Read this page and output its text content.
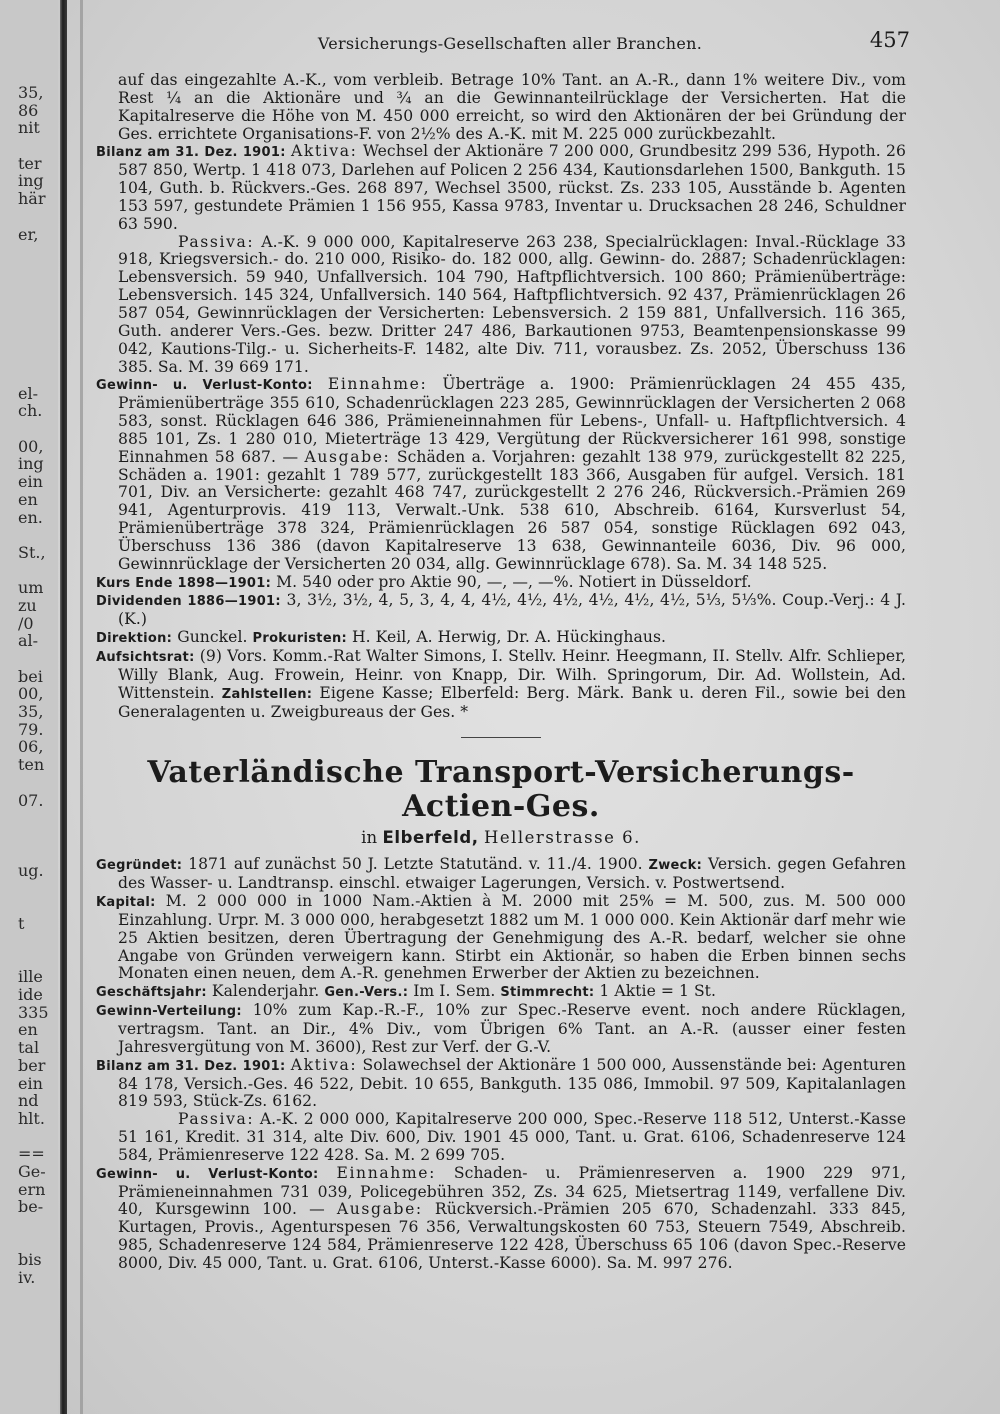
35,
86
nit
ter
ing
här
er,
el-
ch.
00,
ing
ein
en
en.
St.,
um
zu
/0
al-
bei
00,
35,
79.
06,
ten
07.
ug.
t
ille
ide
335
en
tal
ber
ein
nd
hlt.
==
Ge-
ern
be-
bis
iv.
Versicherungs-Gesellschaften aller Branchen.	457

auf das eingezahlte A.-K., vom verbleib. Betrage 10% Tant. an A.-R., dann 1% weitere Div., vom Rest ¼ an die Aktionäre und ¾ an die Gewinnanteilrücklage der Versicherten. Hat die Kapitalreserve die Höhe von M. 450 000 erreicht, so wird den Aktionären der bei Gründung der Ges. errichtete Organisations-F. von 2½% des A.-K. mit M. 225 000 zurückbezahlt.

Bilanz am 31. Dez. 1901: Aktiva: Wechsel der Aktionäre 7 200 000, Grundbesitz 299 536, Hypoth. 26 587 850, Wertp. 1 418 073, Darlehen auf Policen 2 256 434, Kautionsdarlehen 1500, Bankguth. 15 104, Guth. b. Rückvers.-Ges. 268 897, Wechsel 3500, rückst. Zs. 233 105, Ausstände b. Agenten 153 597, gestundete Prämien 1 156 955, Kassa 9783, Inventar u. Drucksachen 28 246, Schuldner 63 590.

Passiva: A.-K. 9 000 000, Kapitalreserve 263 238, Specialrücklagen: Inval.-Rücklage 33 918, Kriegsversich.- do. 210 000, Risiko- do. 182 000, allg. Gewinn- do. 2887; Schadenrücklagen: Lebensversich. 59 940, Unfallversich. 104 790, Haftpflichtversich. 100 860; Prämienüberträge: Lebensversich. 145 324, Unfallversich. 140 564, Haftpflichtversich. 92 437, Prämienrücklagen 26 587 054, Gewinnrücklagen der Versicherten: Lebensversich. 2 159 881, Unfallversich. 116 365, Guth. anderer Vers.-Ges. bezw. Dritter 247 486, Barkautionen 9753, Beamtenpensionskasse 99 042, Kautions-Tilg.- u. Sicherheits-F. 1482, alte Div. 711, vorausbez. Zs. 2052, Überschuss 136 385. Sa. M. 39 669 171.

Gewinn- u. Verlust-Konto: Einnahme: Überträge a. 1900: Prämienrücklagen 24 455 435, Prämienüberträge 355 610, Schadenrücklagen 223 285, Gewinnrücklagen der Versicherten 2 068 583, sonst. Rücklagen 646 386, Prämieneinnahmen für Lebens-, Unfall- u. Haftpflichtversich. 4 885 101, Zs. 1 280 010, Mieterträge 13 429, Vergütung der Rückversicherer 161 998, sonstige Einnahmen 58 687. — Ausgabe: Schäden a. Vorjahren: gezahlt 138 979, zurückgestellt 82 225, Schäden a. 1901: gezahlt 1 789 577, zurückgestellt 183 366, Ausgaben für aufgel. Versich. 181 701, Div. an Versicherte: gezahlt 468 747, zurückgestellt 2 276 246, Rückversich.-Prämien 269 941, Agenturprovis. 419 113, Verwalt.-Unk. 538 610, Abschreib. 6164, Kursverlust 54, Prämienüberträge 378 324, Prämienrücklagen 26 587 054, sonstige Rücklagen 692 043, Überschuss 136 386 (davon Kapitalreserve 13 638, Gewinnanteile 6036, Div. 96 000, Gewinnrücklage der Versicherten 20 034, allg. Gewinnrücklage 678). Sa. M. 34 148 525.

Kurs Ende 1898—1901: M. 540 oder pro Aktie 90, —, —, —%. Notiert in Düsseldorf.

Dividenden 1886—1901: 3, 3½, 3½, 4, 5, 3, 4, 4, 4½, 4½, 4½, 4½, 4½, 4½, 5⅓, 5⅓%. Coup.-Verj.: 4 J. (K.)

Direktion: Gunckel. Prokuristen: H. Keil, A. Herwig, Dr. A. Hückinghaus.

Aufsichtsrat: (9) Vors. Komm.-Rat Walter Simons, I. Stellv. Heinr. Heegmann, II. Stellv. Alfr. Schlieper, Willy Blank, Aug. Frowein, Heinr. von Knapp, Dir. Wilh. Springorum, Dir. Ad. Wollstein, Ad. Wittenstein. Zahlstellen: Eigene Kasse; Elberfeld: Berg. Märk. Bank u. deren Fil., sowie bei den Generalagenten u. Zweigbureaus der Ges. *

Vaterländische Transport-Versicherungs-Actien-Ges.
in Elberfeld, Hellerstrasse 6.

Gegründet: 1871 auf zunächst 50 J. Letzte Statutänd. v. 11./4. 1900. Zweck: Versich. gegen Gefahren des Wasser- u. Landtransp. einschl. etwaiger Lagerungen, Versich. v. Postwertsend.

Kapital: M. 2 000 000 in 1000 Nam.-Aktien à M. 2000 mit 25% = M. 500, zus. M. 500 000 Einzahlung. Urpr. M. 3 000 000, herabgesetzt 1882 um M. 1 000 000. Kein Aktionär darf mehr wie 25 Aktien besitzen, deren Übertragung der Genehmigung des A.-R. bedarf, welcher sie ohne Angabe von Gründen verweigern kann. Stirbt ein Aktionär, so haben die Erben binnen sechs Monaten einen neuen, dem A.-R. genehmen Erwerber der Aktien zu bezeichnen.

Geschäftsjahr: Kalenderjahr. Gen.-Vers.: Im I. Sem. Stimmrecht: 1 Aktie = 1 St.

Gewinn-Verteilung: 10% zum Kap.-R.-F., 10% zur Spec.-Reserve event. noch andere Rücklagen, vertragsm. Tant. an Dir., 4% Div., vom Übrigen 6% Tant. an A.-R. (ausser einer festen Jahresvergütung von M. 3600), Rest zur Verf. der G.-V.

Bilanz am 31. Dez. 1901: Aktiva: Solawechsel der Aktionäre 1 500 000, Aussenstände bei: Agenturen 84 178, Versich.-Ges. 46 522, Debit. 10 655, Bankguth. 135 086, Immobil. 97 509, Kapitalanlagen 819 593, Stück-Zs. 6162.

Passiva: A.-K. 2 000 000, Kapitalreserve 200 000, Spec.-Reserve 118 512, Unterst.-Kasse 51 161, Kredit. 31 314, alte Div. 600, Div. 1901 45 000, Tant. u. Grat. 6106, Schadenreserve 124 584, Prämienreserve 122 428. Sa. M. 2 699 705.

Gewinn- u. Verlust-Konto: Einnahme: Schaden- u. Prämienreserven a. 1900 229 971, Prämieneinnahmen 731 039, Policegebühren 352, Zs. 34 625, Mietsertrag 1149, verfallene Div. 40, Kursgewinn 100. — Ausgabe: Rückversich.-Prämien 205 670, Schadenzahl. 333 845, Kurtagen, Provis., Agenturspesen 76 356, Verwaltungskosten 60 753, Steuern 7549, Abschreib. 985, Schadenreserve 124 584, Prämienreserve 122 428, Überschuss 65 106 (davon Spec.-Reserve 8000, Div. 45 000, Tant. u. Grat. 6106, Unterst.-Kasse 6000). Sa. M. 997 276.
